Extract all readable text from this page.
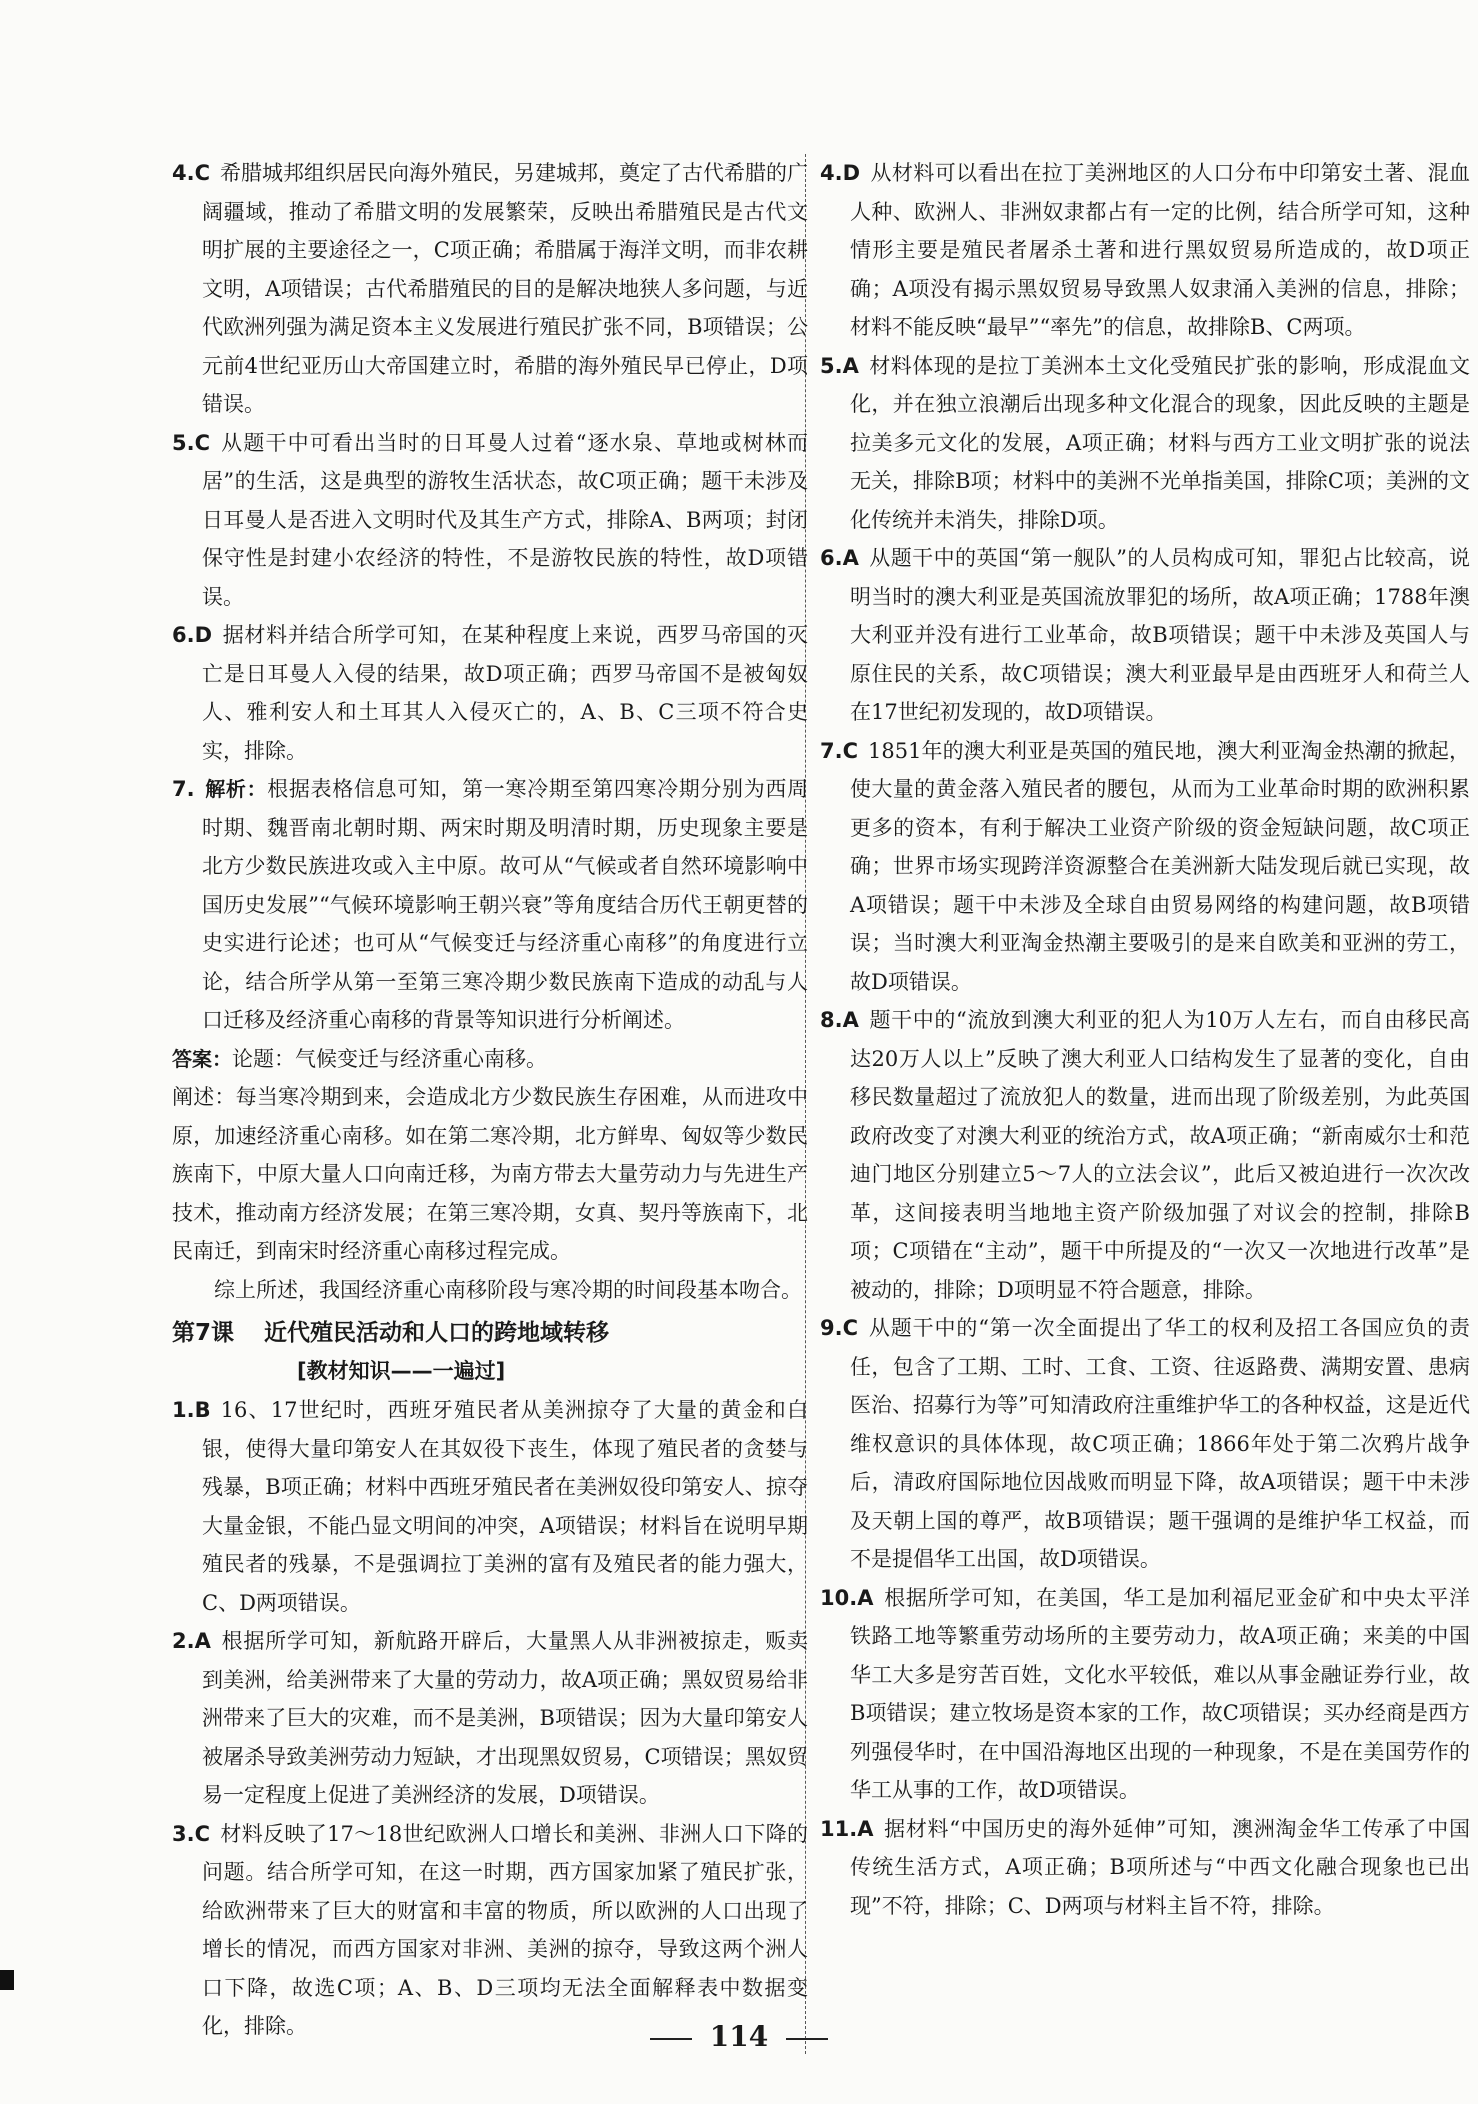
4.C 希腊城邦组织居民向海外殖民，另建城邦，奠定了古代希腊的广阔疆域，推动了希腊文明的发展繁荣，反映出希腊殖民是古代文明扩展的主要途径之一，C项正确；希腊属于海洋文明，而非农耕文明，A项错误；古代希腊殖民的目的是解决地狭人多问题，与近代欧洲列强为满足资本主义发展进行殖民扩张不同，B项错误；公元前4世纪亚历山大帝国建立时，希腊的海外殖民早已停止，D项错误。

5.C 从题干中可看出当时的日耳曼人过着“逐水泉、草地或树林而居”的生活，这是典型的游牧生活状态，故C项正确；题干未涉及日耳曼人是否进入文明时代及其生产方式，排除A、B两项；封闭保守性是封建小农经济的特性，不是游牧民族的特性，故D项错误。

6.D 据材料并结合所学可知，在某种程度上来说，西罗马帝国的灭亡是日耳曼人入侵的结果，故D项正确；西罗马帝国不是被匈奴人、雅利安人和土耳其人入侵灭亡的，A、B、C三项不符合史实，排除。

7. 解析：根据表格信息可知，第一寒冷期至第四寒冷期分别为西周时期、魏晋南北朝时期、两宋时期及明清时期，历史现象主要是北方少数民族进攻或入主中原。故可从“气候或者自然环境影响中国历史发展”“气候环境影响王朝兴衰”等角度结合历代王朝更替的史实进行论述；也可从“气候变迁与经济重心南移”的角度进行立论，结合所学从第一至第三寒冷期少数民族南下造成的动乱与人口迁移及经济重心南移的背景等知识进行分析阐述。

答案：论题：气候变迁与经济重心南移。

阐述：每当寒冷期到来，会造成北方少数民族生存困难，从而进攻中原，加速经济重心南移。如在第二寒冷期，北方鲜卑、匈奴等少数民族南下，中原大量人口向南迁移，为南方带去大量劳动力与先进生产技术，推动南方经济发展；在第三寒冷期，女真、契丹等族南下，北民南迁，到南宋时经济重心南移过程完成。

综上所述，我国经济重心南移阶段与寒冷期的时间段基本吻合。

第7课 近代殖民活动和人口的跨地域转移

[教材知识——一遍过]

1.B 16、17世纪时，西班牙殖民者从美洲掠夺了大量的黄金和白银，使得大量印第安人在其奴役下丧生，体现了殖民者的贪婪与残暴，B项正确；材料中西班牙殖民者在美洲奴役印第安人、掠夺大量金银，不能凸显文明间的冲突，A项错误；材料旨在说明早期殖民者的残暴，不是强调拉丁美洲的富有及殖民者的能力强大，C、D两项错误。

2.A 根据所学可知，新航路开辟后，大量黑人从非洲被掠走，贩卖到美洲，给美洲带来了大量的劳动力，故A项正确；黑奴贸易给非洲带来了巨大的灾难，而不是美洲，B项错误；因为大量印第安人被屠杀导致美洲劳动力短缺，才出现黑奴贸易，C项错误；黑奴贸易一定程度上促进了美洲经济的发展，D项错误。

3.C 材料反映了17～18世纪欧洲人口增长和美洲、非洲人口下降的问题。结合所学可知，在这一时期，西方国家加紧了殖民扩张，给欧洲带来了巨大的财富和丰富的物质，所以欧洲的人口出现了增长的情况，而西方国家对非洲、美洲的掠夺，导致这两个洲人口下降，故选C项；A、B、D三项均无法全面解释表中数据变化，排除。

4.D 从材料可以看出在拉丁美洲地区的人口分布中印第安土著、混血人种、欧洲人、非洲奴隶都占有一定的比例，结合所学可知，这种情形主要是殖民者屠杀土著和进行黑奴贸易所造成的，故D项正确；A项没有揭示黑奴贸易导致黑人奴隶涌入美洲的信息，排除；材料不能反映“最早”“率先”的信息，故排除B、C两项。

5.A 材料体现的是拉丁美洲本土文化受殖民扩张的影响，形成混血文化，并在独立浪潮后出现多种文化混合的现象，因此反映的主题是拉美多元文化的发展，A项正确；材料与西方工业文明扩张的说法无关，排除B项；材料中的美洲不光单指美国，排除C项；美洲的文化传统并未消失，排除D项。

6.A 从题干中的英国“第一舰队”的人员构成可知，罪犯占比较高，说明当时的澳大利亚是英国流放罪犯的场所，故A项正确；1788年澳大利亚并没有进行工业革命，故B项错误；题干中未涉及英国人与原住民的关系，故C项错误；澳大利亚最早是由西班牙人和荷兰人在17世纪初发现的，故D项错误。

7.C 1851年的澳大利亚是英国的殖民地，澳大利亚淘金热潮的掀起，使大量的黄金落入殖民者的腰包，从而为工业革命时期的欧洲积累更多的资本，有利于解决工业资产阶级的资金短缺问题，故C项正确；世界市场实现跨洋资源整合在美洲新大陆发现后就已实现，故A项错误；题干中未涉及全球自由贸易网络的构建问题，故B项错误；当时澳大利亚淘金热潮主要吸引的是来自欧美和亚洲的劳工，故D项错误。

8.A 题干中的“流放到澳大利亚的犯人为10万人左右，而自由移民高达20万人以上”反映了澳大利亚人口结构发生了显著的变化，自由移民数量超过了流放犯人的数量，进而出现了阶级差别，为此英国政府改变了对澳大利亚的统治方式，故A项正确；“新南威尔士和范迪门地区分别建立5～7人的立法会议”，此后又被迫进行一次次改革，这间接表明当地地主资产阶级加强了对议会的控制，排除B项；C项错在“主动”，题干中所提及的“一次又一次地进行改革”是被动的，排除；D项明显不符合题意，排除。

9.C 从题干中的“第一次全面提出了华工的权利及招工各国应负的责任，包含了工期、工时、工食、工资、往返路费、满期安置、患病医治、招募行为等”可知清政府注重维护华工的各种权益，这是近代维权意识的具体体现，故C项正确；1866年处于第二次鸦片战争后，清政府国际地位因战败而明显下降，故A项错误；题干中未涉及天朝上国的尊严，故B项错误；题干强调的是维护华工权益，而不是提倡华工出国，故D项错误。

10.A 根据所学可知，在美国，华工是加利福尼亚金矿和中央太平洋铁路工地等繁重劳动场所的主要劳动力，故A项正确；来美的中国华工大多是穷苦百姓，文化水平较低，难以从事金融证券行业，故B项错误；建立牧场是资本家的工作，故C项错误；买办经商是西方列强侵华时，在中国沿海地区出现的一种现象，不是在美国劳作的华工从事的工作，故D项错误。

11.A 据材料“中国历史的海外延伸”可知，澳洲淘金华工传承了中国传统生活方式，A项正确；B项所述与“中西文化融合现象也已出现”不符，排除；C、D两项与材料主旨不符，排除。

114
